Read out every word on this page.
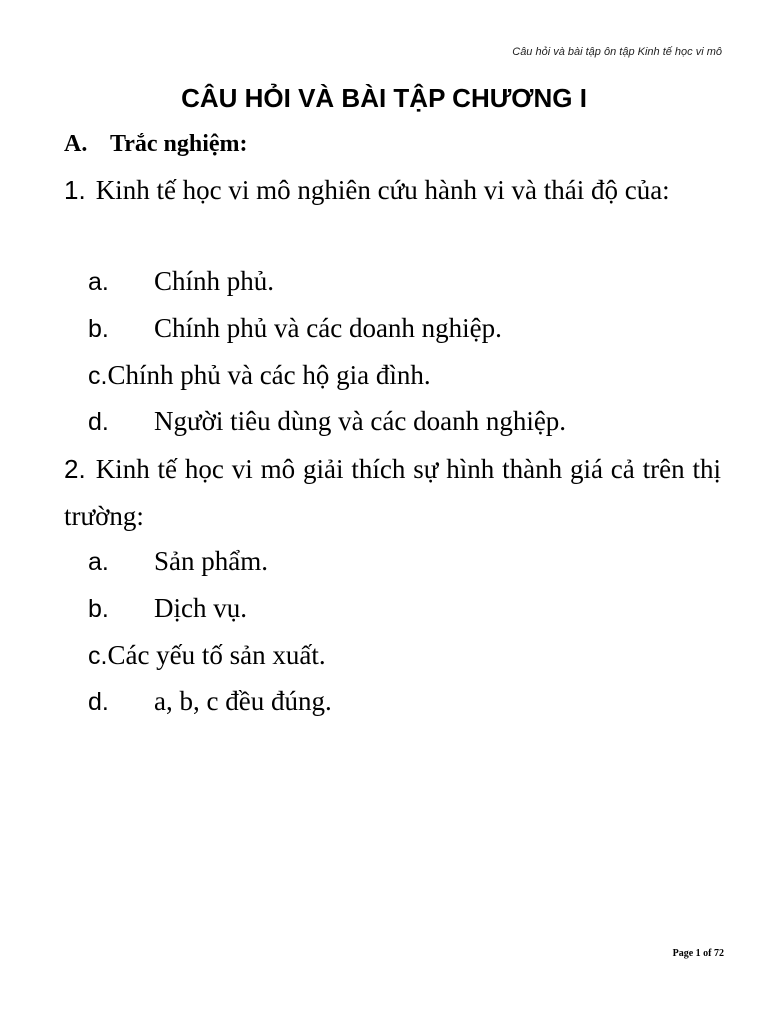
Câu hỏi và bài tập ôn tập Kinh tế học vi mô
CÂU HỎI VÀ BÀI TẬP CHƯƠNG I
A. Trắc nghiệm:
1. Kinh tế học vi mô nghiên cứu hành vi và thái độ của:
a. Chính phủ.
b. Chính phủ và các doanh nghiệp.
c.Chính phủ và các hộ gia đình.
d. Người tiêu dùng và các doanh nghiệp.
2. Kinh tế học vi mô giải thích sự hình thành giá cả trên thị trường:
a. Sản phẩm.
b. Dịch vụ.
c.Các yếu tố sản xuất.
d. a, b, c đều đúng.
Page 1 of 72
